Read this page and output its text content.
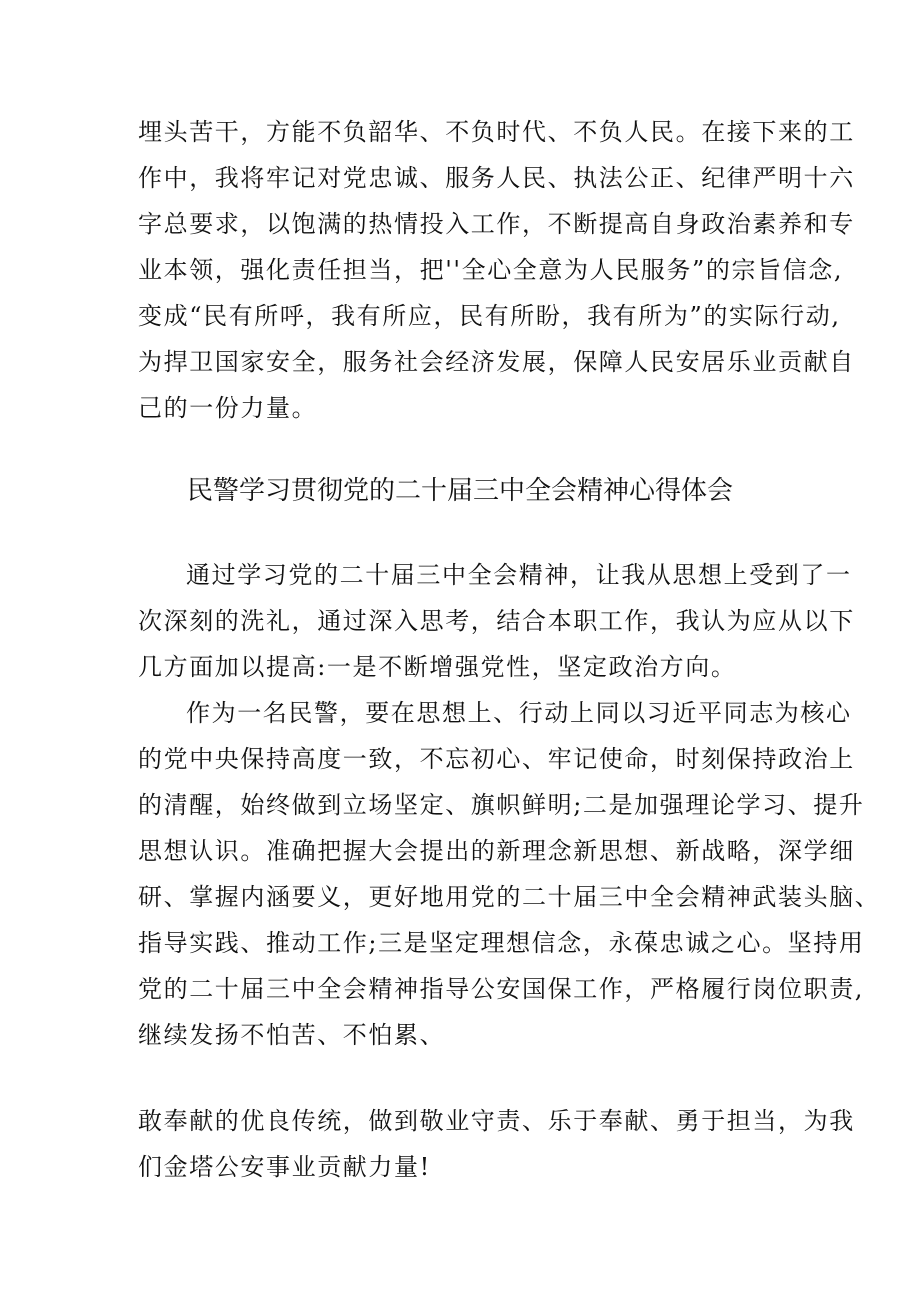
埋头苦干，方能不负韶华、不负时代、不负人民。在接下来的工
作中，我将牢记对党忠诚、服务人民、执法公正、纪律严明十六
字总要求，以饱满的热情投入工作，不断提高自身政治素养和专
业本领，强化责任担当，把''全心全意为人民服务”的宗旨信念,
变成“民有所呼，我有所应，民有所盼，我有所为”的实际行动,
为捍卫国家安全，服务社会经济发展，保障人民安居乐业贡献自
己的一份力量。
民警学习贯彻党的二十届三中全会精神心得体会
通过学习党的二十届三中全会精神，让我从思想上受到了一
次深刻的洗礼，通过深入思考，结合本职工作，我认为应从以下
几方面加以提高:一是不断增强党性，坚定政治方向。
作为一名民警，要在思想上、行动上同以习近平同志为核心
的党中央保持高度一致，不忘初心、牢记使命，时刻保持政治上
的清醒，始终做到立场坚定、旗帜鲜明;二是加强理论学习、提升
思想认识。准确把握大会提出的新理念新思想、新战略，深学细
研、掌握内涵要义，更好地用党的二十届三中全会精神武装头脑、
指导实践、推动工作;三是坚定理想信念，永葆忠诚之心。坚持用
党的二十届三中全会精神指导公安国保工作，严格履行岗位职责,
继续发扬不怕苦、不怕累、
敢奉献的优良传统，做到敬业守责、乐于奉献、勇于担当，为我
们金塔公安事业贡献力量!
